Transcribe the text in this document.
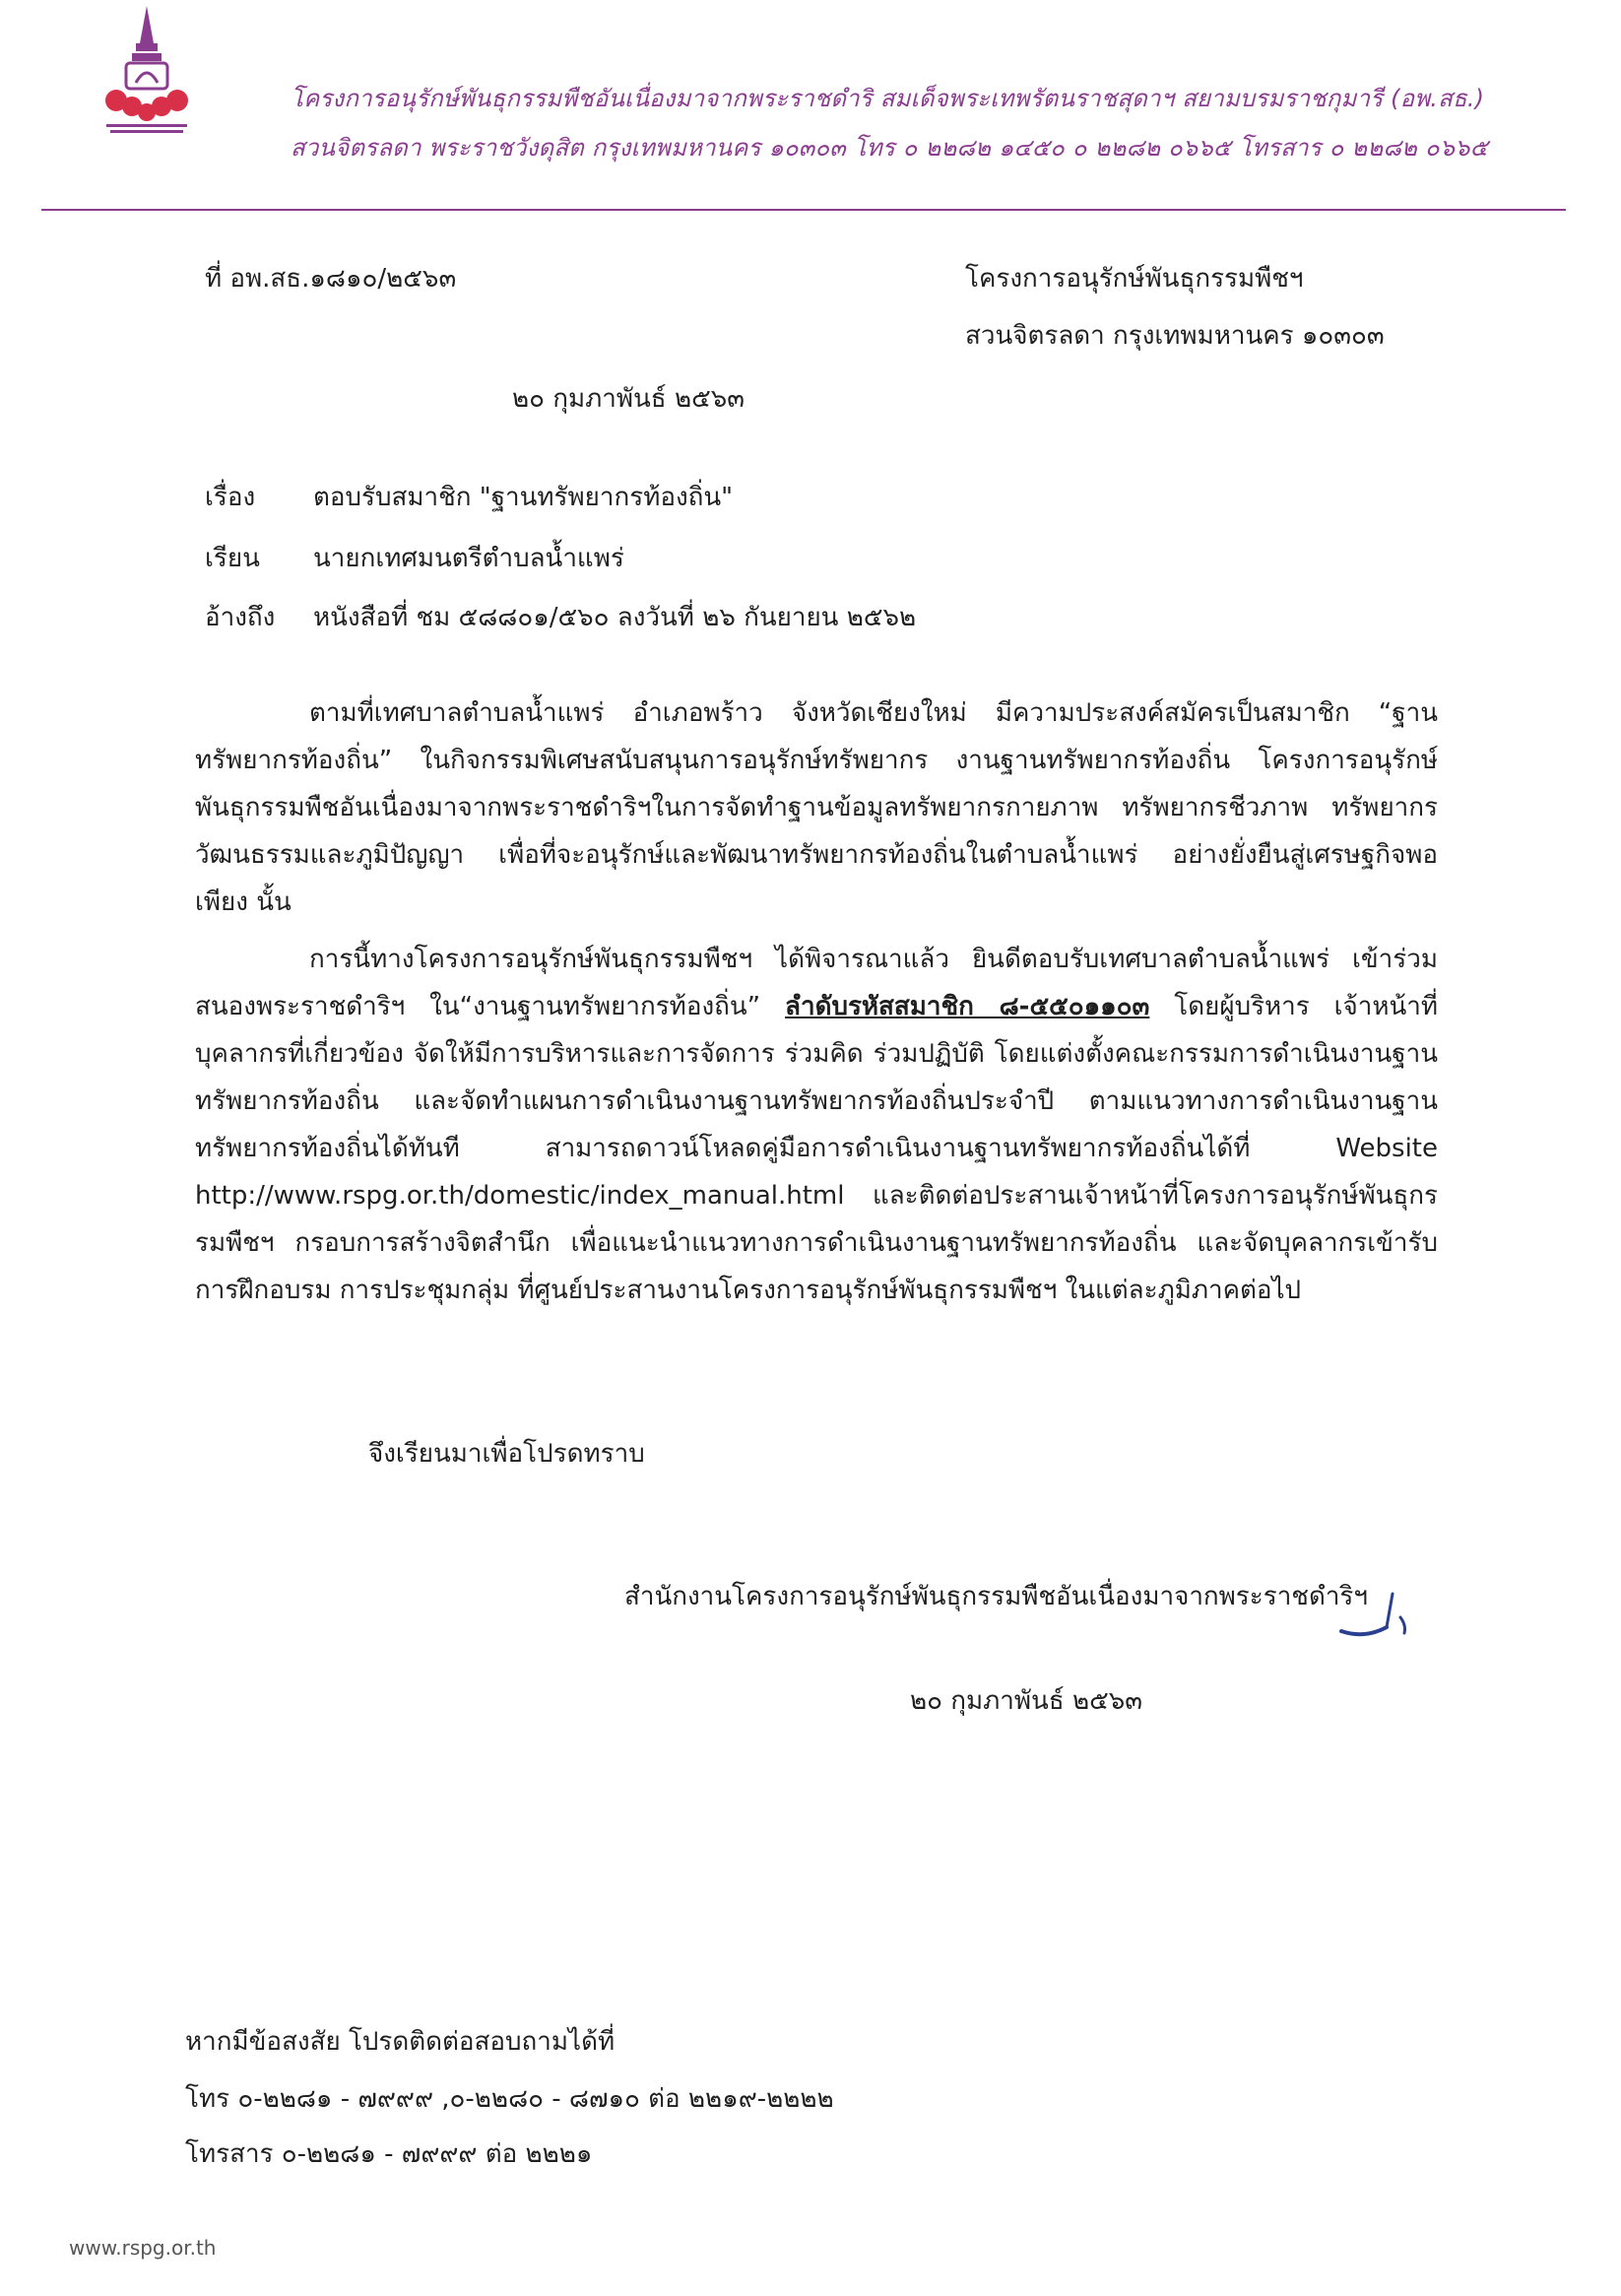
โครงการอนุรักษ์พันธุกรรมพืชอันเนื่องมาจากพระราชดำริ สมเด็จพระเทพรัตนราชสุดาฯ สยามบรมราชกุมารี (อพ.สธ.)
สวนจิตรลดา พระราชวังดุสิต กรุงเทพมหานคร ๑๐๓๐๓ โทร ๐ ๒๒๘๒ ๑๔๕๐ ๐ ๒๒๘๒ ๐๖๖๕ โทรสาร ๐ ๒๒๘๒ ๐๖๖๕
ที่ อพ.สธ.๑๘๑๐/๒๕๖๓	โครงการอนุรักษ์พันธุกรรมพืชฯ
สวนจิตรลดา กรุงเทพมหานคร ๑๐๓๐๓
๒๐ กุมภาพันธ์ ๒๕๖๓
เรื่อง ตอบรับสมาชิก "ฐานทรัพยากรท้องถิ่น"
เรียน นายกเทศมนตรีตำบลน้ำแพร่
อ้างถึง หนังสือที่ ชม ๕๘๘๐๑/๕๖๐ ลงวันที่ ๒๖ กันยายน ๒๕๖๒

ตามที่เทศบาลตำบลน้ำแพร่ อำเภอพร้าว จังหวัดเชียงใหม่ มีความประสงค์สมัครเป็นสมาชิก “ฐานทรัพยากรท้องถิ่น” ในกิจกรรมพิเศษสนับสนุนการอนุรักษ์ทรัพยากร งานฐานทรัพยากรท้องถิ่น โครงการอนุรักษ์พันธุกรรมพืชอันเนื่องมาจากพระราชดำริฯในการจัดทำฐานข้อมูลทรัพยากรกายภาพ ทรัพยากรชีวภาพ ทรัพยากรวัฒนธรรมและภูมิปัญญา เพื่อที่จะอนุรักษ์และพัฒนาทรัพยากรท้องถิ่นในตำบลน้ำแพร่ อย่างยั่งยืนสู่เศรษฐกิจพอเพียง นั้น

การนี้ทางโครงการอนุรักษ์พันธุกรรมพืชฯ ได้พิจารณาแล้ว ยินดีตอบรับเทศบาลตำบลน้ำแพร่ เข้าร่วมสนองพระราชดำริฯ ใน“งานฐานทรัพยากรท้องถิ่น” ลำดับรหัสสมาชิก ๘-๕๕๐๑๑๐๓ โดยผู้บริหาร เจ้าหน้าที่บุคลากรที่เกี่ยวข้อง จัดให้มีการบริหารและการจัดการ ร่วมคิด ร่วมปฏิบัติ โดยแต่งตั้งคณะกรรมการดำเนินงานฐานทรัพยากรท้องถิ่น และจัดทำแผนการดำเนินงานฐานทรัพยากรท้องถิ่นประจำปี ตามแนวทางการดำเนินงานฐานทรัพยากรท้องถิ่นได้ทันที สามารถดาวน์โหลดคู่มือการดำเนินงานฐานทรัพยากรท้องถิ่นได้ที่ Website http://www.rspg.or.th/domestic/index_manual.html และติดต่อประสานเจ้าหน้าที่โครงการอนุรักษ์พันธุกรรมพืชฯ กรอบการสร้างจิตสำนึก เพื่อแนะนำแนวทางการดำเนินงานฐานทรัพยากรท้องถิ่น และจัดบุคลากรเข้ารับการฝึกอบรม การประชุมกลุ่ม ที่ศูนย์ประสานงานโครงการอนุรักษ์พันธุกรรมพืชฯ ในแต่ละภูมิภาคต่อไป

จึงเรียนมาเพื่อโปรดทราบ
สำนักงานโครงการอนุรักษ์พันธุกรรมพืชอันเนื่องมาจากพระราชดำริฯ
๒๐ กุมภาพันธ์ ๒๕๖๓
หากมีข้อสงสัย โปรดติดต่อสอบถามได้ที่
โทร ๐-๒๒๘๑ - ๗๙๙๙ ,๐-๒๒๘๐ - ๘๗๑๐ ต่อ ๒๒๑๙-๒๒๒๒
โทรสาร ๐-๒๒๘๑ - ๗๙๙๙ ต่อ ๒๒๒๑
www.rspg.or.th
